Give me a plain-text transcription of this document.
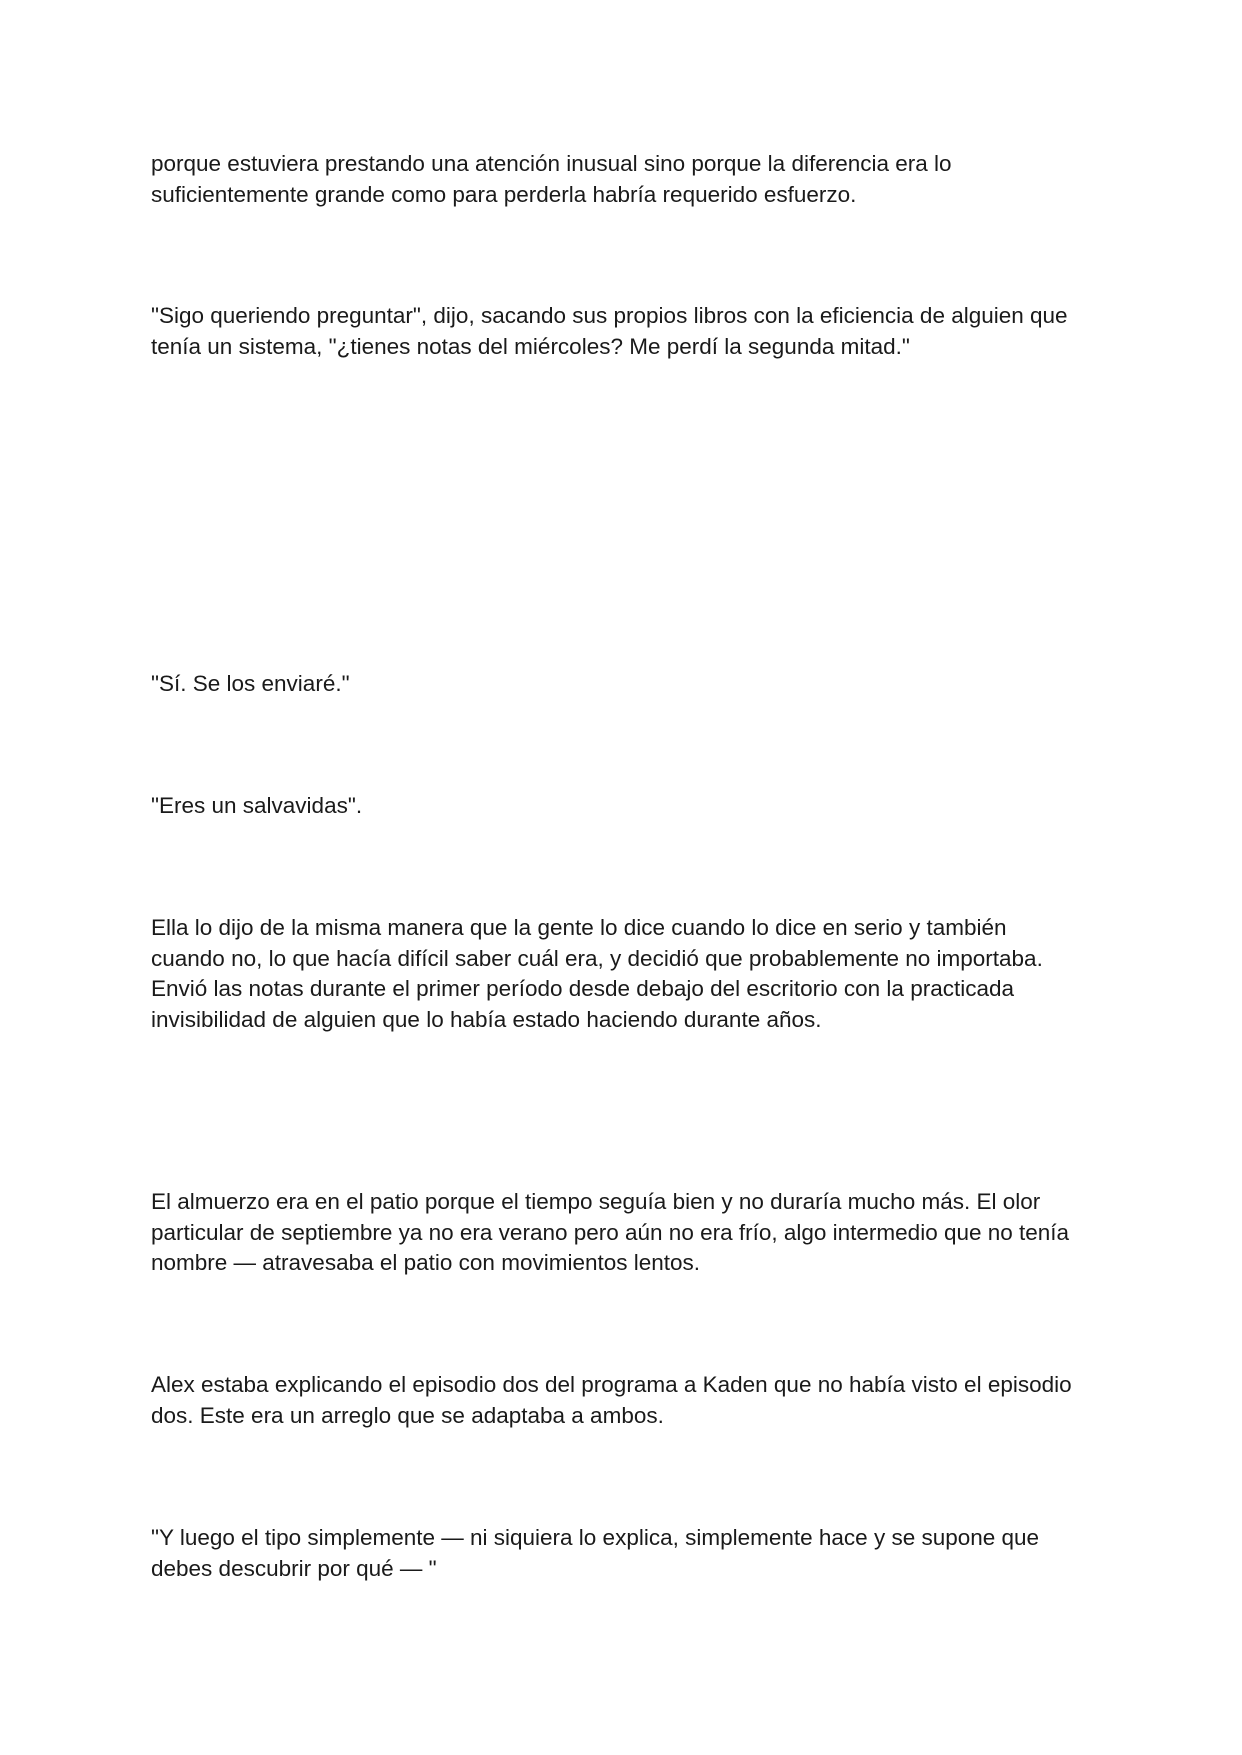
porque estuviera prestando una atención inusual sino porque la diferencia era lo
suficientemente grande como para perderla habría requerido esfuerzo.

"Sigo queriendo preguntar", dijo, sacando sus propios libros con la eficiencia de alguien que
tenía un sistema, "¿tienes notas del miércoles? Me perdí la segunda mitad."

"Sí. Se los enviaré."

"Eres un salvavidas".

Ella lo dijo de la misma manera que la gente lo dice cuando lo dice en serio y también
cuando no, lo que hacía difícil saber cuál era, y decidió que probablemente no importaba.
Envió las notas durante el primer período desde debajo del escritorio con la practicada
invisibilidad de alguien que lo había estado haciendo durante años.

El almuerzo era en el patio porque el tiempo seguía bien y no duraría mucho más. El olor
particular de septiembre ya no era verano pero aún no era frío, algo intermedio que no tenía
nombre — atravesaba el patio con movimientos lentos.

Alex estaba explicando el episodio dos del programa a Kaden que no había visto el episodio
dos. Este era un arreglo que se adaptaba a ambos.

"Y luego el tipo simplemente — ni siquiera lo explica, simplemente hace y se supone que
debes descubrir por qué — "
